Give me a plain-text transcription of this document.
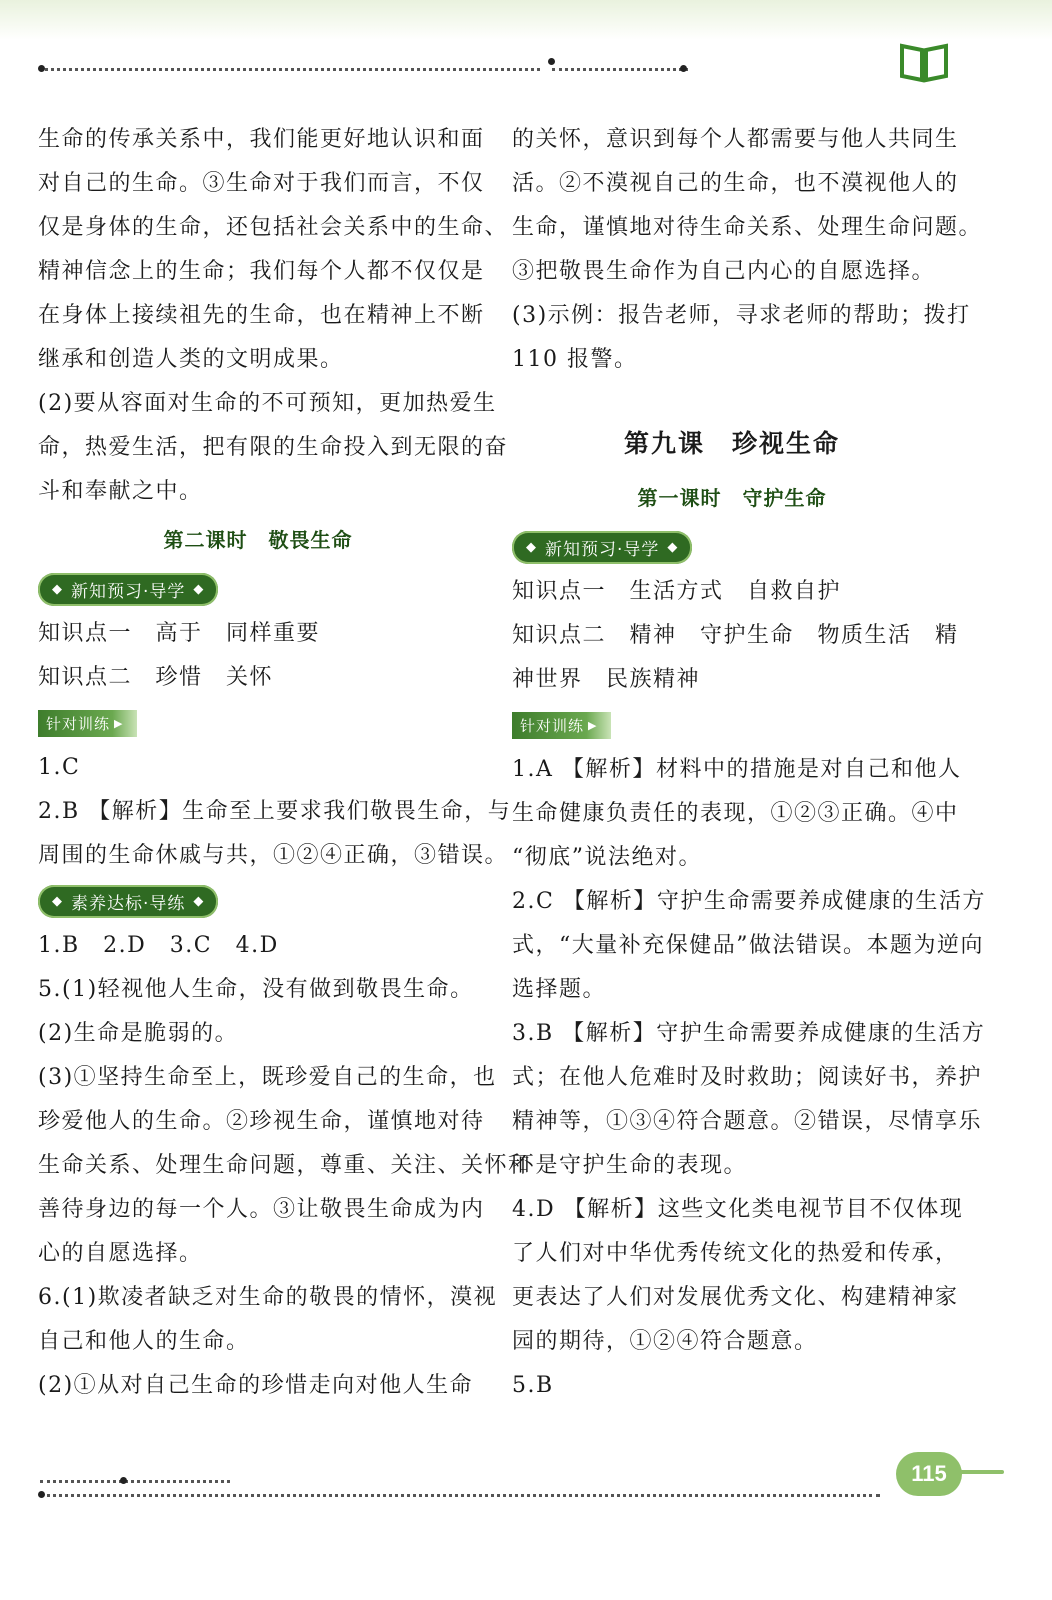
生命的传承关系中，我们能更好地认识和面
对自己的生命。③生命对于我们而言，不仅
仅是身体的生命，还包括社会关系中的生命、
精神信念上的生命；我们每个人都不仅仅是
在身体上接续祖先的生命，也在精神上不断
继承和创造人类的文明成果。
(2)要从容面对生命的不可预知，更加热爱生
命，热爱生活，把有限的生命投入到无限的奋
斗和奉献之中。
第二课时　敬畏生命
◆ 新知预习·导学 ◆
知识点一　高于　同样重要
知识点二　珍惜　关怀
针对训练 ▶
1.C
2.B 【解析】生命至上要求我们敬畏生命，与
周围的生命休戚与共，①②④正确，③错误。
◆ 素养达标·导练 ◆
1.B　2.D　3.C　4.D
5.(1)轻视他人生命，没有做到敬畏生命。
(2)生命是脆弱的。
(3)①坚持生命至上，既珍爱自己的生命，也
珍爱他人的生命。②珍视生命，谨慎地对待
生命关系、处理生命问题，尊重、关注、关怀和
善待身边的每一个人。③让敬畏生命成为内
心的自愿选择。
6.(1)欺凌者缺乏对生命的敬畏的情怀，漠视
自己和他人的生命。
(2)①从对自己生命的珍惜走向对他人生命
的关怀，意识到每个人都需要与他人共同生
活。②不漠视自己的生命，也不漠视他人的
生命，谨慎地对待生命关系、处理生命问题。
③把敬畏生命作为自己内心的自愿选择。
(3)示例：报告老师，寻求老师的帮助；拨打
110 报警。
第九课　珍视生命
第一课时　守护生命
◆ 新知预习·导学 ◆
知识点一　生活方式　自救自护
知识点二　精神　守护生命　物质生活　精
神世界　民族精神
针对训练 ▶
1.A 【解析】材料中的措施是对自己和他人
生命健康负责任的表现，①②③正确。④中
“彻底”说法绝对。
2.C 【解析】守护生命需要养成健康的生活方
式，“大量补充保健品”做法错误。本题为逆向
选择题。
3.B 【解析】守护生命需要养成健康的生活方
式；在他人危难时及时救助；阅读好书，养护
精神等，①③④符合题意。②错误，尽情享乐
不是守护生命的表现。
4.D 【解析】这些文化类电视节目不仅体现
了人们对中华优秀传统文化的热爱和传承，
更表达了人们对发展优秀文化、构建精神家
园的期待，①②④符合题意。
5.B
115
